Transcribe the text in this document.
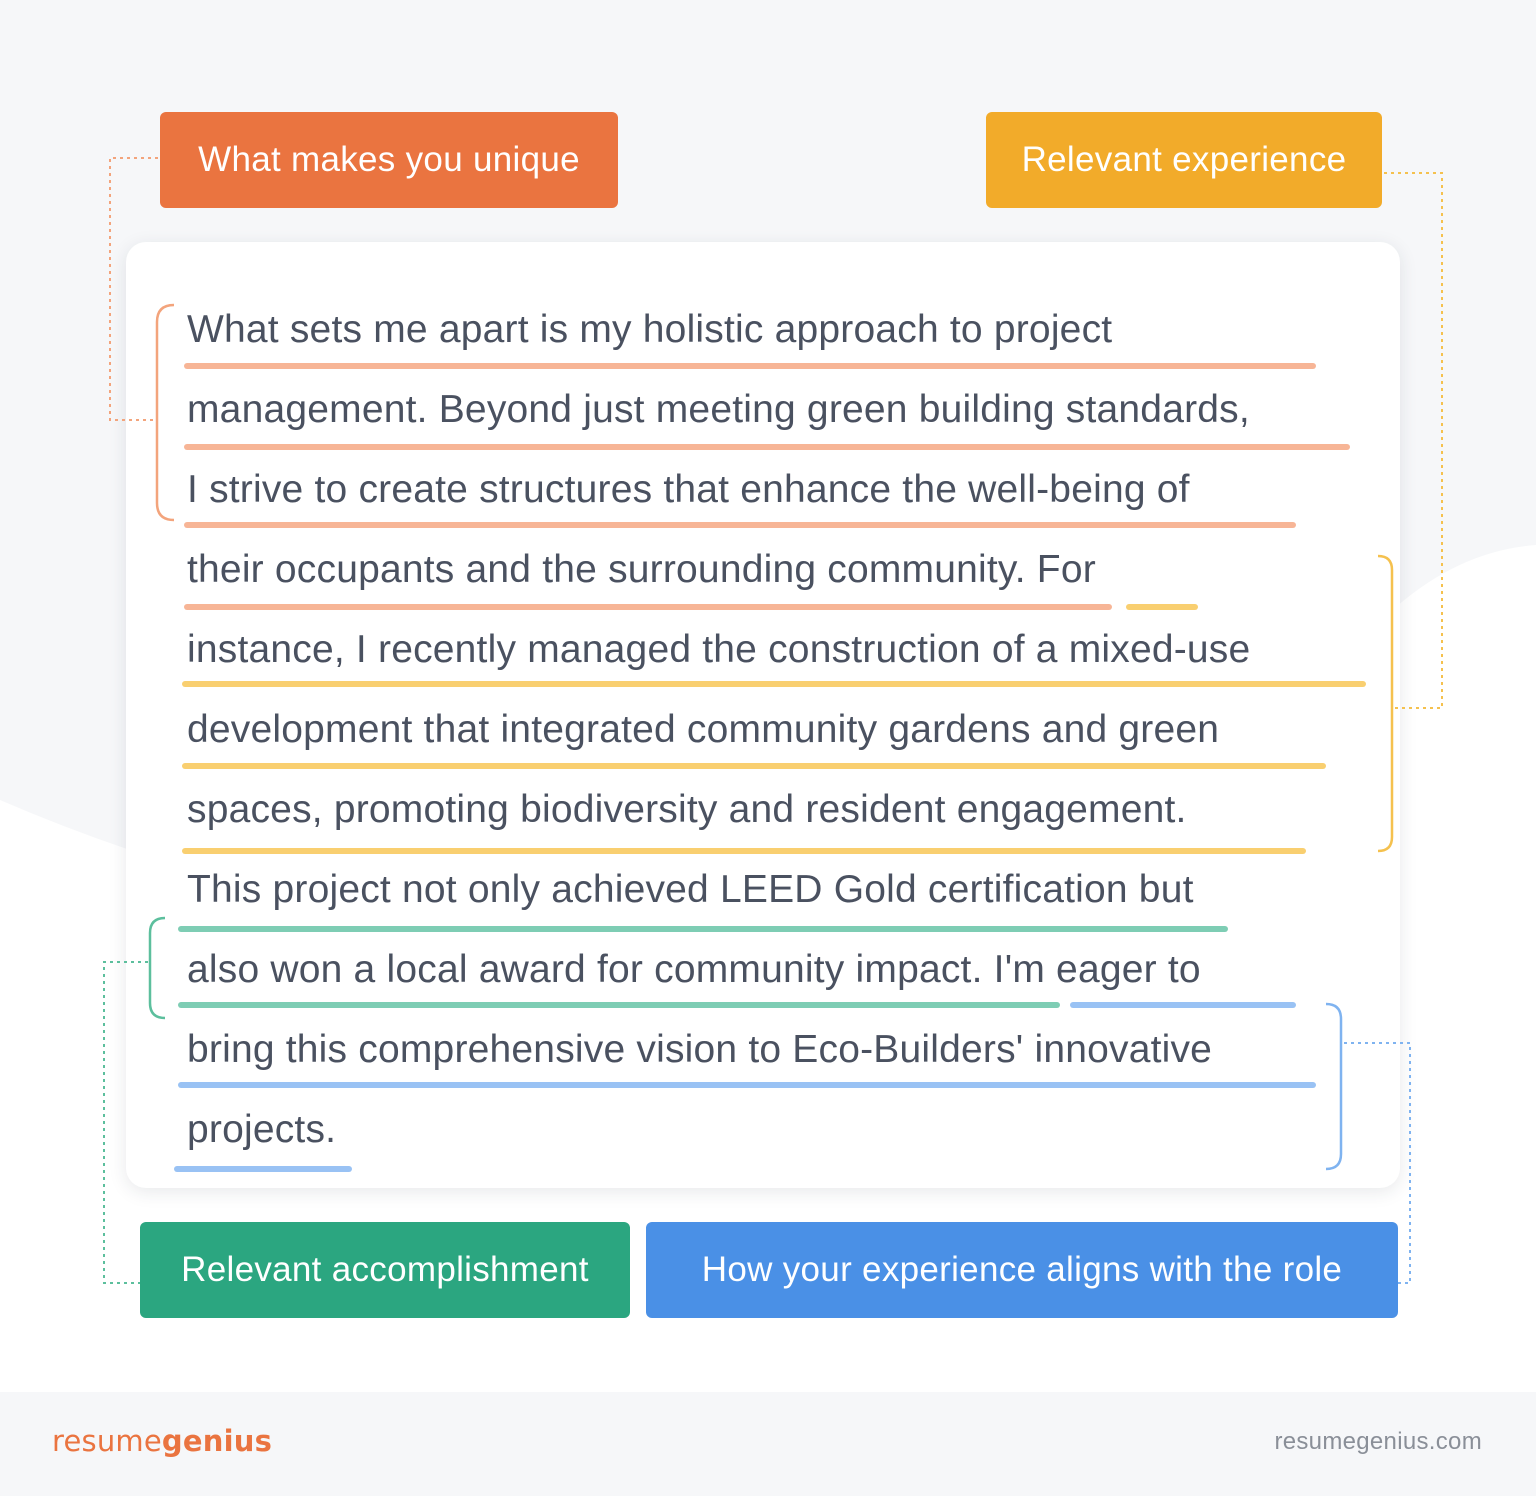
What sets me apart is my holistic approach to project
management. Beyond just meeting green building standards,
I strive to create structures that enhance the well-being of
their occupants and the surrounding community. For
instance, I recently managed the construction of a mixed-use
development that integrated community gardens and green
spaces, promoting biodiversity and resident engagement.
This project not only achieved LEED Gold certification but
also won a local award for community impact. I'm eager to
bring this comprehensive vision to Eco-Builders' innovative
projects.
What makes you unique	Relevant experience
Relevant accomplishment	How your experience aligns with the role
resumegenius	resumegenius.com
